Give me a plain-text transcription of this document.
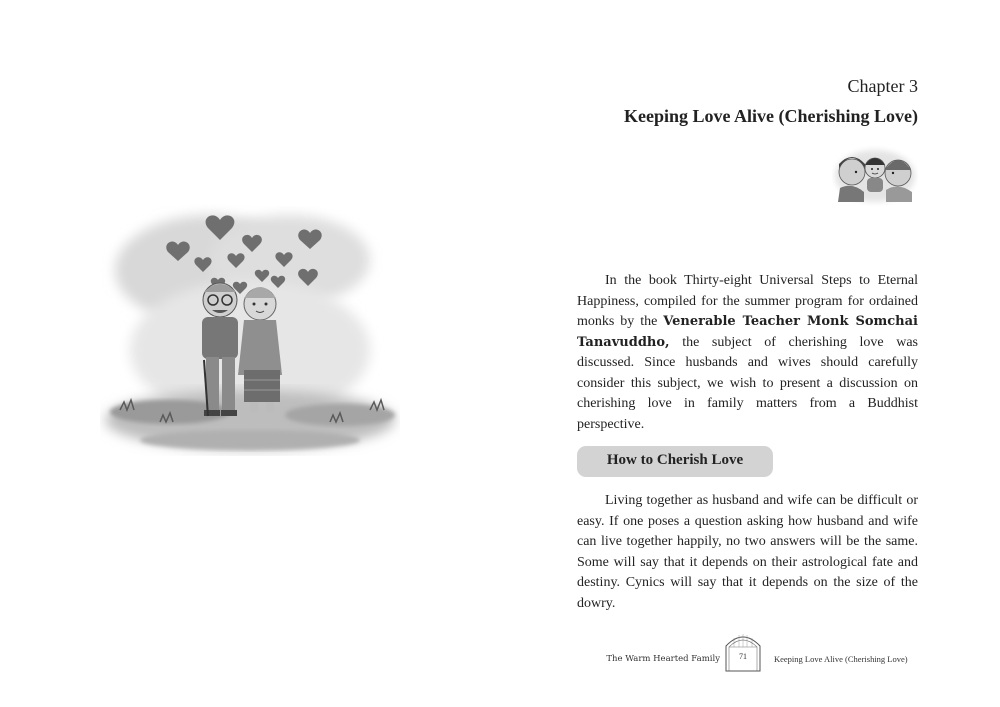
Chapter 3
Keeping Love Alive (Cherishing Love)

In the book Thirty-eight Universal Steps to Eternal Happiness, compiled for the summer program for ordained monks by the Venerable Teacher Monk Somchai Tanavuddho, the subject of cherishing love was discussed. Since husbands and wives should carefully consider this subject, we wish to present a discussion on cherishing love in family matters from a Buddhist perspective.

How to Cherish Love

Living together as husband and wife can be difficult or easy. If one poses a question asking how husband and wife can live together happily, no two answers will be the same. Some will say that it depends on their astrological fate and destiny. Cynics will say that it depends on the size of the dowry.

The Warm Hearted Family	71	Keeping Love Alive (Cherishing Love)
